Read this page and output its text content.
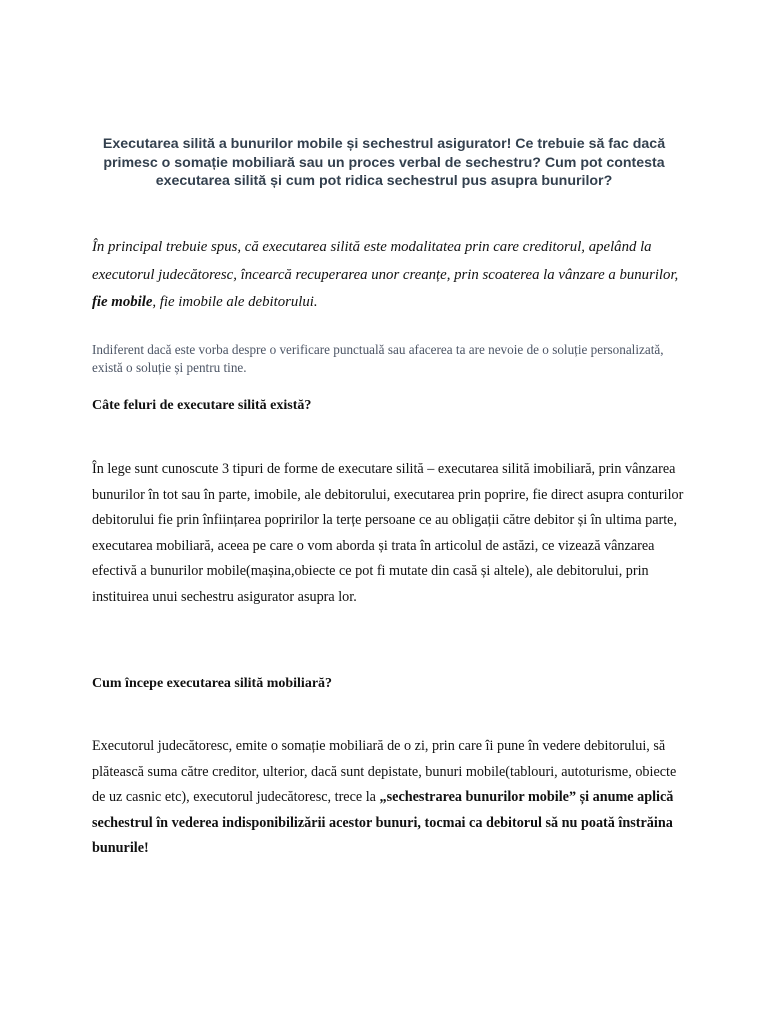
Executarea silită a bunurilor mobile și sechestrul asigurator! Ce trebuie să fac dacă primesc o somație mobiliară sau un proces verbal de sechestru? Cum pot contesta executarea silită și cum pot ridica sechestrul pus asupra bunurilor?
În principal trebuie spus, că executarea silită este modalitatea prin care creditorul, apelând la executorul judecătoresc, încearcă recuperarea unor creanțe, prin scoaterea la vânzare a bunurilor, fie mobile, fie imobile ale debitorului.
Indiferent dacă este vorba despre o verificare punctuală sau afacerea ta are nevoie de o soluție personalizată, există o soluție și pentru tine.
Câte feluri de executare silită există?
În lege sunt cunoscute 3 tipuri de forme de executare silită – executarea silită imobiliară, prin vânzarea bunurilor în tot sau în parte, imobile, ale debitorului, executarea prin poprire, fie direct asupra conturilor debitorului fie prin înființarea popririlor la terțe persoane ce au obligații către debitor și în ultima parte, executarea mobiliară, aceea pe care o vom aborda și trata în articolul de astăzi, ce vizează vânzarea efectivă a bunurilor mobile(mașina,obiecte ce pot fi mutate din casă și altele), ale debitorului, prin instituirea unui sechestru asigurator asupra lor.
Cum începe executarea silită mobiliară?
Executorul judecătoresc, emite o somație mobiliară de o zi, prin care îi pune în vedere debitorului, să plătească suma către creditor, ulterior, dacă sunt depistate, bunuri mobile(tablouri, autoturisme, obiecte de uz casnic etc), executorul judecătoresc, trece la „sechestrarea bunurilor mobile” și anume aplică sechestrul în vederea indisponibilizării acestor bunuri, tocmai ca debitorul să nu poată înstrăina bunurile!
